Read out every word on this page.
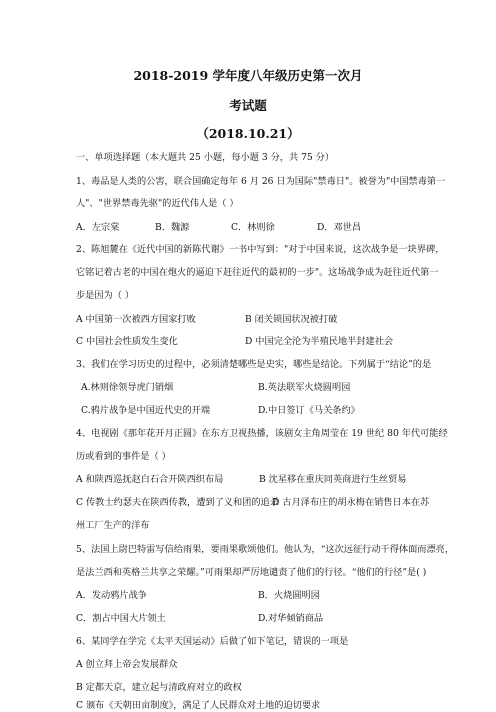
2018-2019 学年度八年级历史第一次月
考试题
（2018.10.21）
一、单项选择题（本大题共 25 小题，每小题 3 分，共 75 分）
1、毒品是人类的公害，联合国确定每年 6 月 26 日为国际"禁毒日"。被誉为"中国禁毒第一
人"、"世界禁毒先驱"的近代伟人是（ ）
A．左宗棠	B．魏源	C．林则徐	D．邓世昌
2、陈旭麓在《近代中国的新陈代谢》一书中写到："对于中国来说，这次战争是一块界碑，
它铭记着古老的中国在炮火的逼迫下赶往近代的最初的一步"。这场战争成为赶往近代第一
步是因为（ ）
A 中国第一次被西方国家打败	B 闭关锁国状况被打破
C 中国社会性质发生变化	D 中国完全沦为半殖民地半封建社会
3、我们在学习历史的过程中，必须清楚哪些是史实，哪些是结论。下列属于“结论”的是
A.林则徐领导虎门销烟	B.英法联军火烧圆明园
C.鸦片战争是中国近代史的开端	D.中日签订《马关条约》
4、电视剧《那年花开月正圆》在东方卫视热播，该剧女主角周莹在 19 世纪 80 年代可能经
历或看到的事件是（ ）
A 和陕西巡抚赵白石合开陕西织布局	B 沈星移在重庆同英商进行生丝贸易
C 传教士约瑟夫在陕西传教，遭到了义和团的追杀
D 古月泽布庄的胡永梅在销售日本在苏
州工厂生产的洋布
5、法国上尉巴特雷写信给雨果，要雨果歌颂他们。他认为，“这次远征行动干得体面而漂亮，
是法兰西和英格兰共享之荣耀。”可雨果却严厉地谴责了他们的行径。“他们的行径”是( )
A．发动鸦片战争	B．火烧圆明园
C．割占中国大片领土	D.对华倾销商品
6、某同学在学完《太平天国运动》后做了如下笔记，错误的一项是
A 创立拜上帝会发展群众
B 定都天京，建立起与清政府对立的政权
C 颁布《天朝田亩制度》，满足了人民群众对土地的迫切要求
